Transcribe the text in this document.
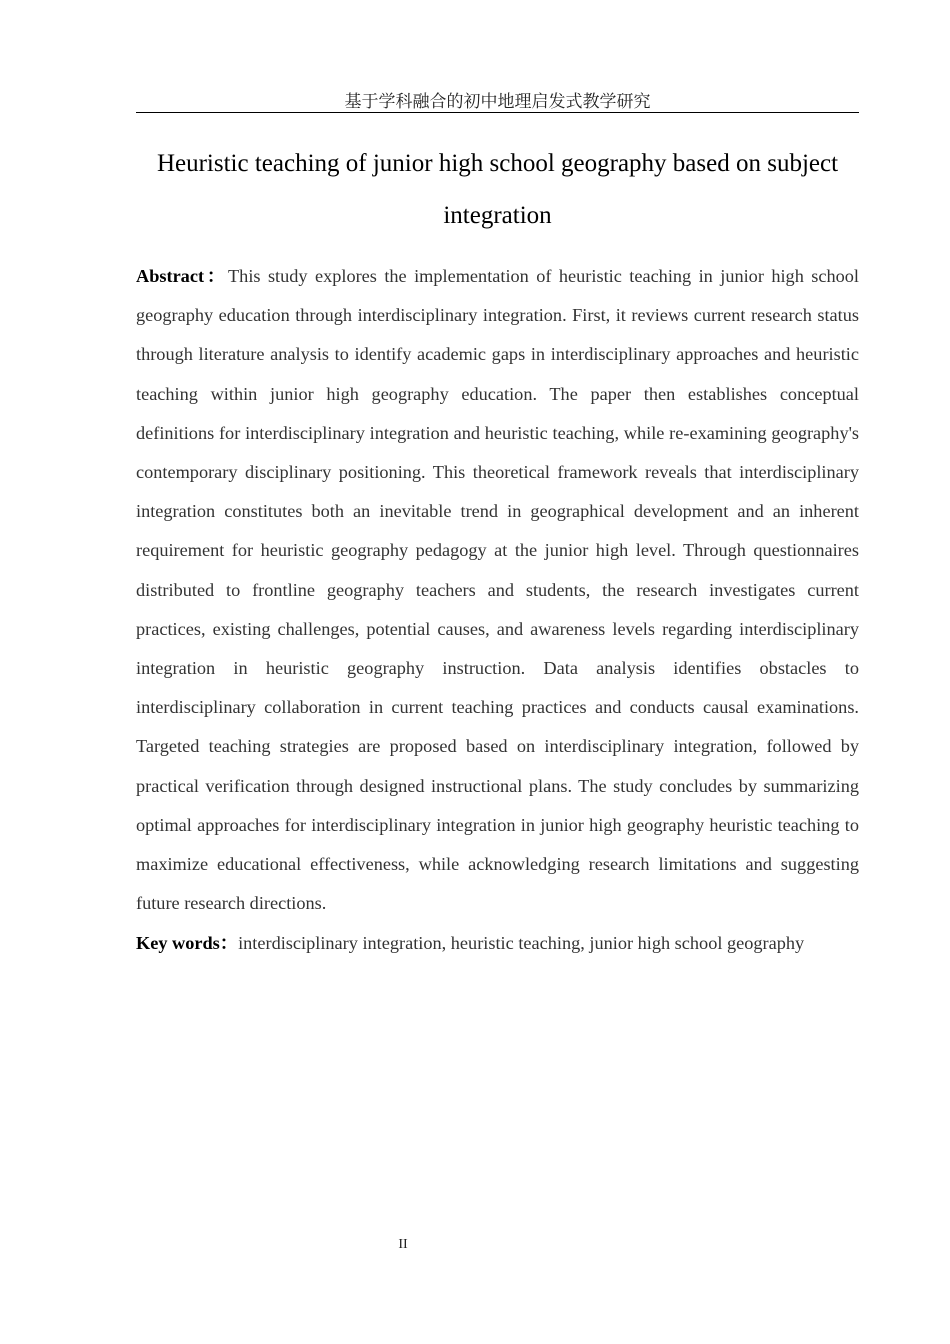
基于学科融合的初中地理启发式教学研究
Heuristic teaching of junior high school geography based on subject integration

Abstract：This study explores the implementation of heuristic teaching in junior high school geography education through interdisciplinary integration. First, it reviews current research status through literature analysis to identify academic gaps in interdisciplinary approaches and heuristic teaching within junior high geography education. The paper then establishes conceptual definitions for interdisciplinary integration and heuristic teaching, while re-examining geography's contemporary disciplinary positioning. This theoretical framework reveals that interdisciplinary integration constitutes both an inevitable trend in geographical development and an inherent requirement for heuristic geography pedagogy at the junior high level. Through questionnaires distributed to frontline geography teachers and students, the research investigates current practices, existing challenges, potential causes, and awareness levels regarding interdisciplinary integration in heuristic geography instruction. Data analysis identifies obstacles to interdisciplinary collaboration in current teaching practices and conducts causal examinations. Targeted teaching strategies are proposed based on interdisciplinary integration, followed by practical verification through designed instructional plans. The study concludes by summarizing optimal approaches for interdisciplinary integration in junior high geography heuristic teaching to maximize educational effectiveness, while acknowledging research limitations and suggesting future research directions.

Key words：interdisciplinary integration, heuristic teaching, junior high school geography

II
